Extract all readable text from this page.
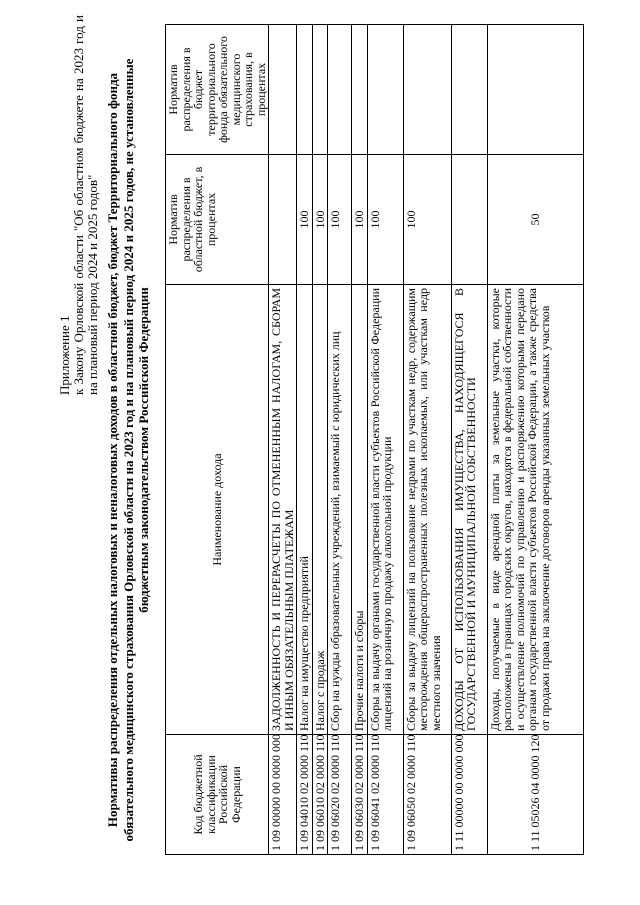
Приложение 1 к Закону Орловской области "Об областном бюджете на 2023 год и на плановый период 2024 и 2025 годов" Нормативы распределения отдельных налоговых и неналоговых доходов в областной бюджет, бюджет Территориального фонда обязательного медицинского страхования Орловской области на 2023 год и на плановый период 2024 и 2025 годов, не установленные бюджетным законодательством Российской Федерации
Код бюджетной классификации Российской Федерации	Наименование дохода	Норматив распределения в областной бюджет, в процентах	Норматив распределения в бюджет территориального фонда обязательного медицинского страхования, в процентах
1 09 00000 00 0000 000	ЗАДОЛЖЕННОСТЬ И ПЕРЕРАСЧЕТЫ ПО ОТМЕНЕННЫМ НАЛОГАМ, СБОРАМ И ИНЫМ ОБЯЗАТЕЛЬНЫМ ПЛАТЕЖАМ		
1 09 04010 02 0000 110	Налог на имущество предприятий	100	
1 09 06010 02 0000 110	Налог с продаж	100	
1 09 06020 02 0000 110	Сбор на нужды образовательных учреждений, взимаемый с юридических лиц	100	
1 09 06030 02 0000 110	Прочие налоги и сборы	100	
1 09 06041 02 0000 110	Сборы за выдачу органами государственной власти субъектов Российской Федерации лицензий на розничную продажу алкогольной продукции	100	
1 09 06050 02 0000 110	Сборы за выдачу лицензий на пользование недрами по участкам недр, содержащим месторождения общераспространенных полезных ископаемых, или участкам недр местного значения	100	
1 11 00000 00 0000 000	ДОХОДЫ ОТ ИСПОЛЬЗОВАНИЯ ИМУЩЕСТВА, НАХОДЯЩЕГОСЯ В ГОСУДАРСТВЕННОЙ И МУНИЦИПАЛЬНОЙ СОБСТВЕННОСТИ		
1 11 05026 04 0000 120	Доходы, получаемые в виде арендной платы за земельные участки, которые расположены в границах городских округов, находятся в федеральной собственности и осуществление полномочий по управлению и распоряжению которыми передано органам государственной власти субъектов Российской Федерации, а также средства от продажи права на заключение договоров аренды указанных земельных участков	50	
